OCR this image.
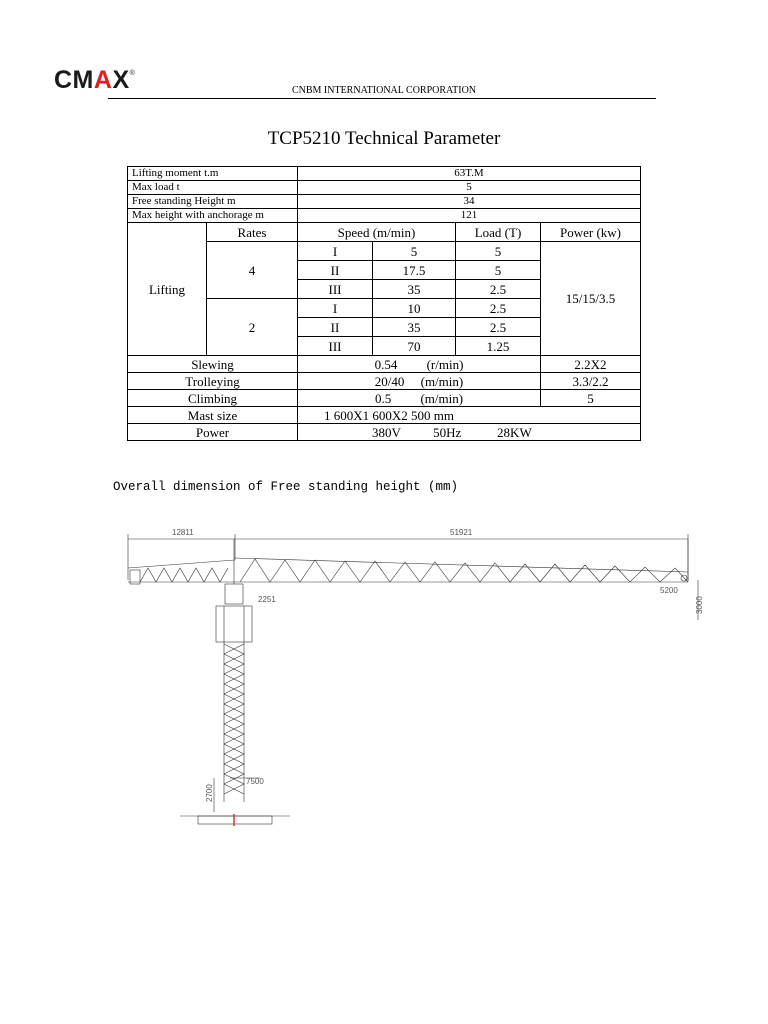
CMAX®
CNBM INTERNATIONAL CORPORATION
TCP5210 Technical Parameter
Lifting moment t.m		63T.M			
Max load t		5			
Free standing Height m		34			
Max height with anchorage m		121			
Lifting	Rates	Speed (m/min)		Load (T)	Power (kw)
	4	I	5	5	15/15/3.5
		II	17.5	5	
		III	35	2.5	
	2	I	10	2.5	
		II	35	2.5	
		III	70	1.25	
Slewing		0.54         (r/min)			2.2X2
Trolleying		20/40     (m/min)			3.3/2.2
Climbing		0.5         (m/min)			5
Mast size		1 600X1 600X2 500 mm			
Power		380V          50Hz           28KW			
Overall dimension of Free standing height (mm)
12811	51921
2251
5200
3000
7500
2700
